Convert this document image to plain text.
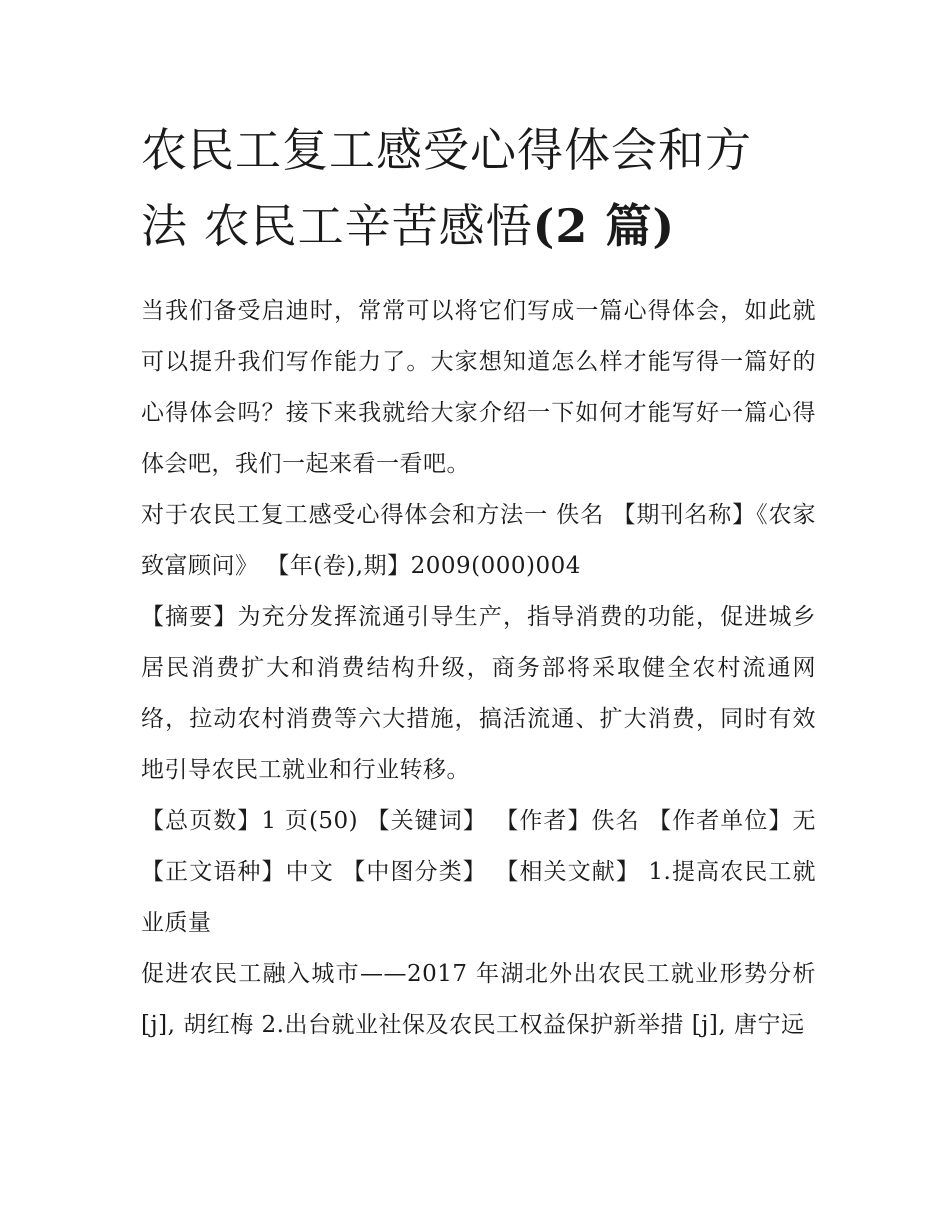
农民工复工感受心得体会和方
法 农民工辛苦感悟(2 篇)

当我们备受启迪时，常常可以将它们写成一篇心得体会，如此就可以提升我们写作能力了。大家想知道怎么样才能写得一篇好的心得体会吗？接下来我就给大家介绍一下如何才能写好一篇心得体会吧，我们一起来看一看吧。

对于农民工复工感受心得体会和方法一 佚名 【期刊名称】《农家致富顾问》 【年(卷),期】2009(000)004

【摘要】为充分发挥流通引导生产，指导消费的功能，促进城乡居民消费扩大和消费结构升级，商务部将采取健全农村流通网络，拉动农村消费等六大措施，搞活流通、扩大消费，同时有效地引导农民工就业和行业转移。

【总页数】1 页(50) 【关键词】 【作者】佚名 【作者单位】无 【正文语种】中文 【中图分类】 【相关文献】 1.提高农民工就业质量

促进农民工融入城市——2017 年湖北外出农民工就业形势分析 [j], 胡红梅 2.出台就业社保及农民工权益保护新举措 [j], 唐宁远
